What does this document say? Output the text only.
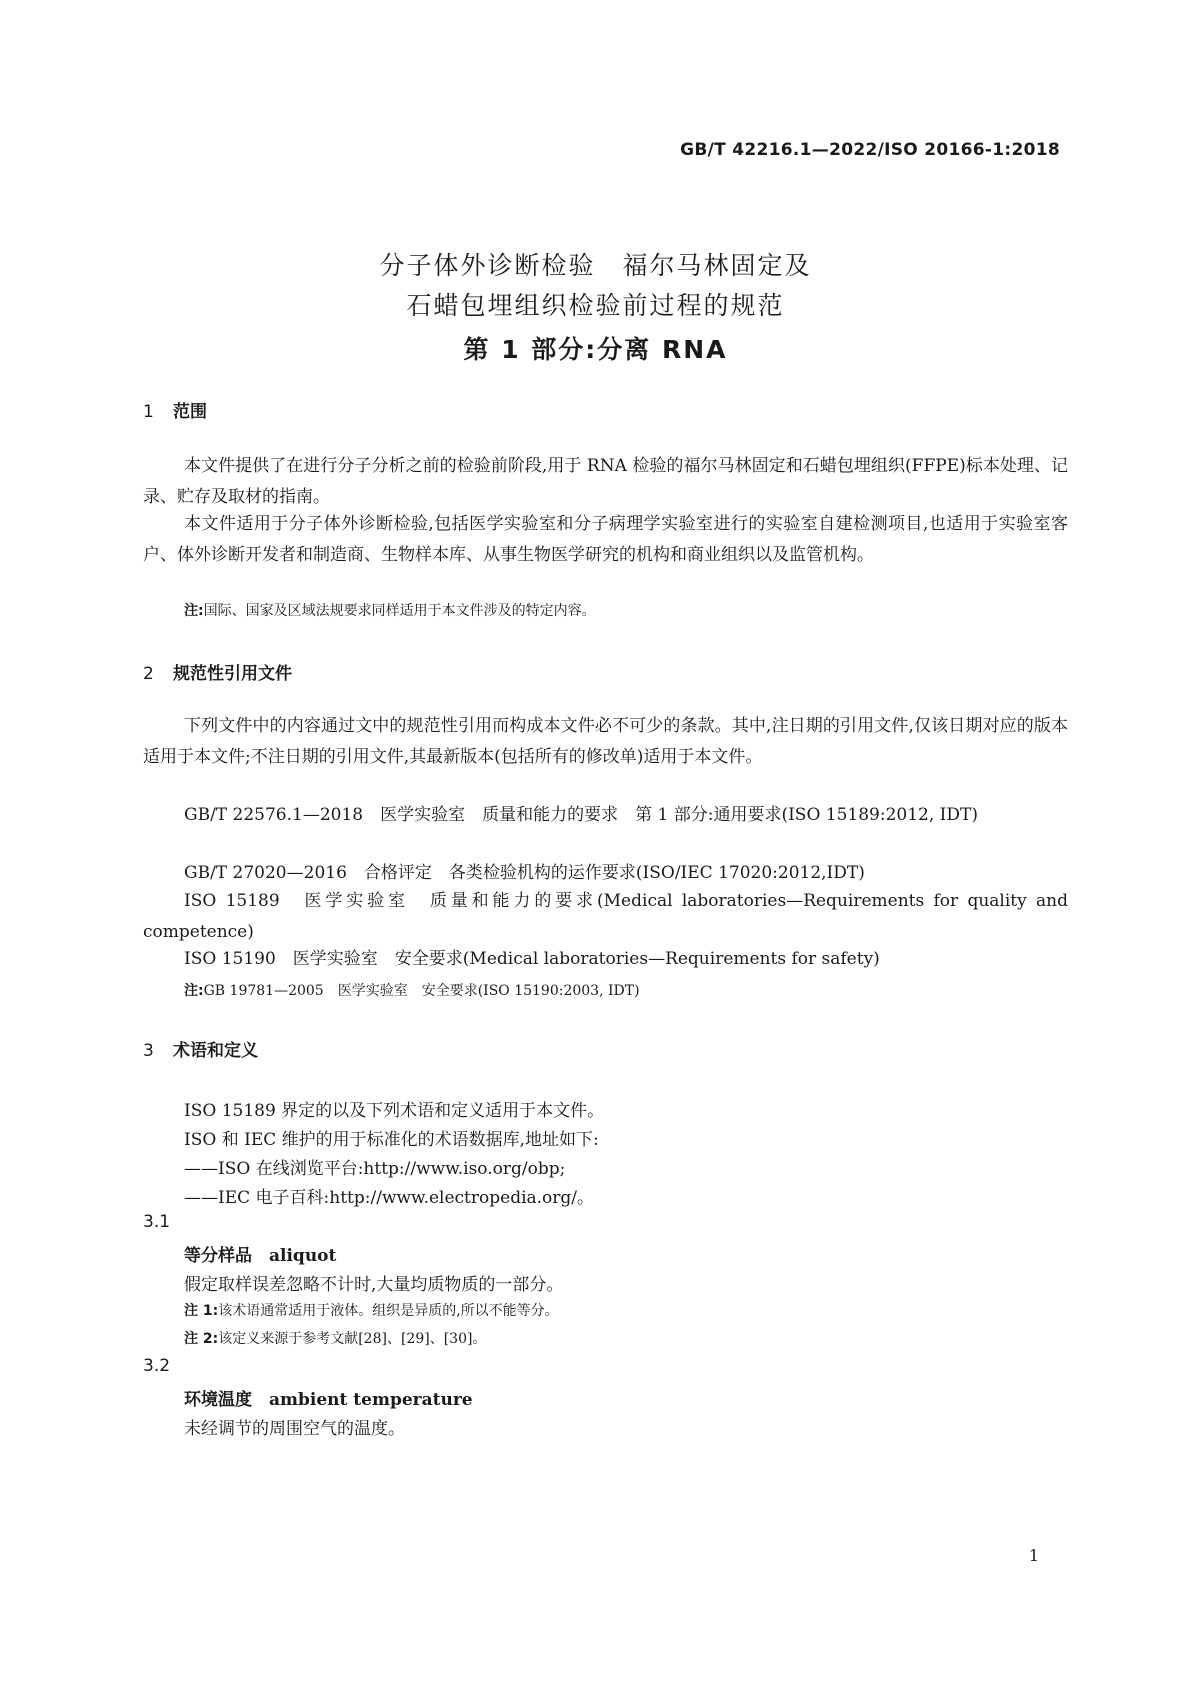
GB/T 42216.1—2022/ISO 20166-1:2018
分子体外诊断检验　福尔马林固定及
石蜡包埋组织检验前过程的规范
第 1 部分:分离 RNA
1 范围
本文件提供了在进行分子分析之前的检验前阶段,用于 RNA 检验的福尔马林固定和石蜡包埋组织(FFPE)标本处理、记录、贮存及取材的指南。
本文件适用于分子体外诊断检验,包括医学实验室和分子病理学实验室进行的实验室自建检测项目,也适用于实验室客户、体外诊断开发者和制造商、生物样本库、从事生物医学研究的机构和商业组织以及监管机构。
注:国际、国家及区域法规要求同样适用于本文件涉及的特定内容。
2 规范性引用文件
下列文件中的内容通过文中的规范性引用而构成本文件必不可少的条款。其中,注日期的引用文件,仅该日期对应的版本适用于本文件;不注日期的引用文件,其最新版本(包括所有的修改单)适用于本文件。
GB/T 22576.1—2018　医学实验室　质量和能力的要求　第 1 部分:通用要求(ISO 15189:2012, IDT)
GB/T 27020—2016　合格评定　各类检验机构的运作要求(ISO/IEC 17020:2012,IDT)
ISO 15189　医学实验室　质量和能力的要求(Medical laboratories—Requirements for quality and competence)
ISO 15190　医学实验室　安全要求(Medical laboratories—Requirements for safety)
注:GB 19781—2005　医学实验室　安全要求(ISO 15190:2003, IDT)
3 术语和定义
ISO 15189 界定的以及下列术语和定义适用于本文件。
ISO 和 IEC 维护的用于标准化的术语数据库,地址如下:
——ISO 在线浏览平台:http://www.iso.org/obp;
——IEC 电子百科:http://www.electropedia.org/。
3.1
等分样品　 aliquot
假定取样误差忽略不计时,大量均质物质的一部分。
注 1:该术语通常适用于液体。组织是异质的,所以不能等分。
注 2:该定义来源于参考文献[28]、[29]、[30]。
3.2
环境温度　 ambient temperature
未经调节的周围空气的温度。
1
